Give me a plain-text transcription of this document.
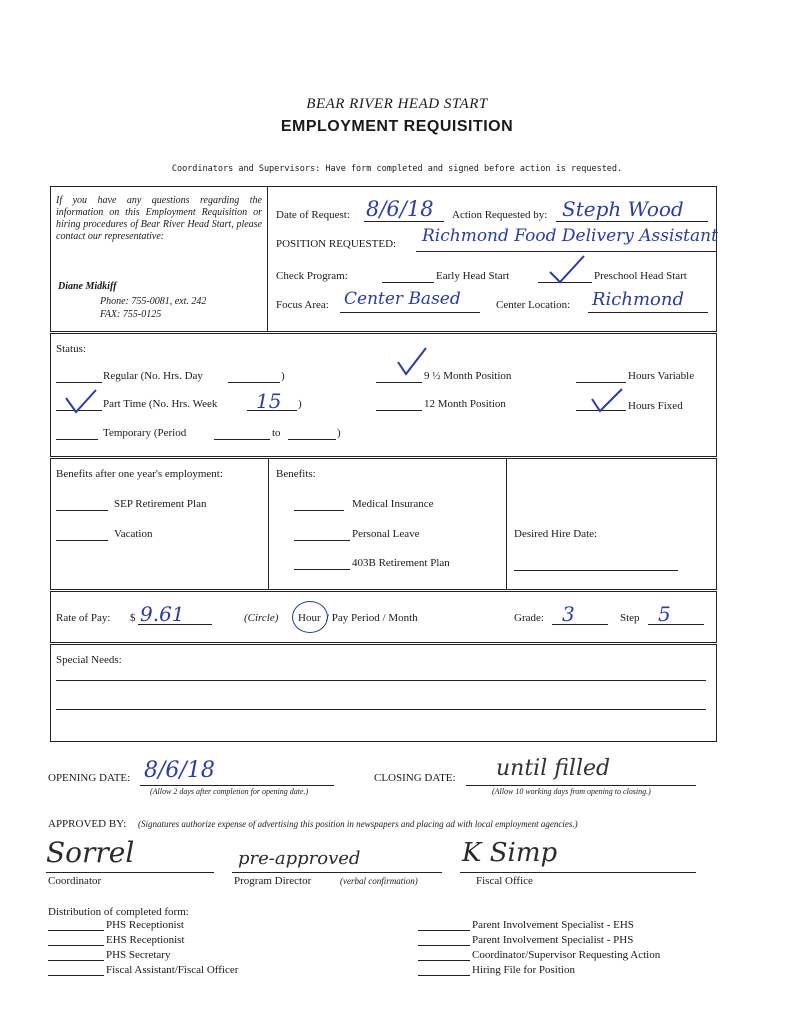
BEAR RIVER HEAD START
EMPLOYMENT REQUISITION
Coordinators and Supervisors: Have form completed and signed before action is requested.
If you have any questions regarding the information on this Employment Requisition or hiring procedures of Bear River Head Start, please contact our representative:
Diane Midkiff
Phone: 755-0081, ext. 242
FAX: 755-0125
Date of Request: 8/6/18 Action Requested by: Steph Wood
POSITION REQUESTED: Richmond Food Delivery Assistant
Check Program:	Early Head Start	Preschool Head Start
Focus Area: Center Based	Center Location: Richmond
Status:
Regular (No. Hrs. Day	)	9 ½ Month Position	Hours Variable
Part Time (No. Hrs. Week 15 )	12 Month Position	Hours Fixed
Temporary (Period	to	)
Benefits after one year's employment:
SEP Retirement Plan
Vacation
Benefits:
Medical Insurance
Personal Leave
403B Retirement Plan
Desired Hire Date:
Rate of Pay: $ 9.61	(Circle) Hour / Pay Period / Month	Grade: 3	Step 5
Special Needs:
OPENING DATE: 8/6/18
(Allow 2 days after completion for opening date.)
CLOSING DATE: until filled
(Allow 10 working days from opening to closing.)
APPROVED BY: (Signatures authorize expense of advertising this position in newspapers and placing ad with local employment agencies.)
Sorrel
Coordinator
pre-approved
Program Director	(verbal confirmation)
K Simp
Fiscal Office
Distribution of completed form:
PHS Receptionist
EHS Receptionist
PHS Secretary
Fiscal Assistant/Fiscal Officer
Parent Involvement Specialist - EHS
Parent Involvement Specialist - PHS
Coordinator/Supervisor Requesting Action
Hiring File for Position
